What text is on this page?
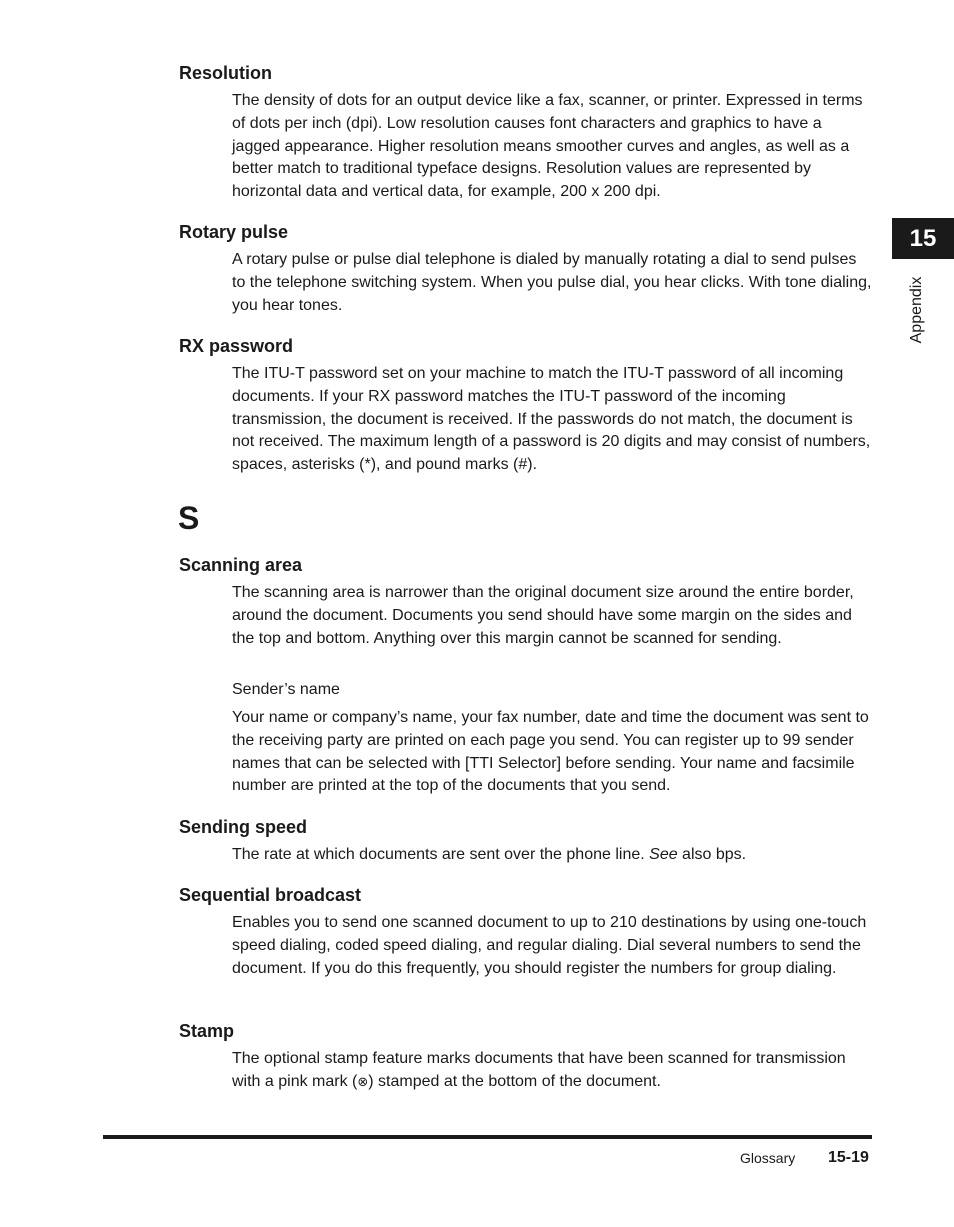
Resolution
The density of dots for an output device like a fax, scanner, or printer. Expressed in terms of dots per inch (dpi). Low resolution causes font characters and graphics to have a jagged appearance. Higher resolution means smoother curves and angles, as well as a better match to traditional typeface designs. Resolution values are represented by horizontal data and vertical data, for example, 200 x 200 dpi.
Rotary pulse
A rotary pulse or pulse dial telephone is dialed by manually rotating a dial to send pulses to the telephone switching system. When you pulse dial, you hear clicks. With tone dialing, you hear tones.
RX password
The ITU-T password set on your machine to match the ITU-T password of all incoming documents. If your RX password matches the ITU-T password of the incoming transmission, the document is received. If the passwords do not match, the document is not received. The maximum length of a password is 20 digits and may consist of numbers, spaces, asterisks (*), and pound marks (#).
S
Scanning area
The scanning area is narrower than the original document size around the entire border, around the document. Documents you send should have some margin on the sides and the top and bottom. Anything over this margin cannot be scanned for sending.
Sender’s name
Your name or company’s name, your fax number, date and time the document was sent to the receiving party are printed on each page you send. You can register up to 99 sender names that can be selected with [TTI Selector] before sending. Your name and facsimile number are printed at the top of the documents that you send.
Sending speed
The rate at which documents are sent over the phone line. See also bps.
Sequential broadcast
Enables you to send one scanned document to up to 210 destinations by using one-touch speed dialing, coded speed dialing, and regular dialing. Dial several numbers to send the document. If you do this frequently, you should register the numbers for group dialing.
Stamp
The optional stamp feature marks documents that have been scanned for transmission with a pink mark (⊗) stamped at the bottom of the document.
15
Appendix
Glossary 15-19
